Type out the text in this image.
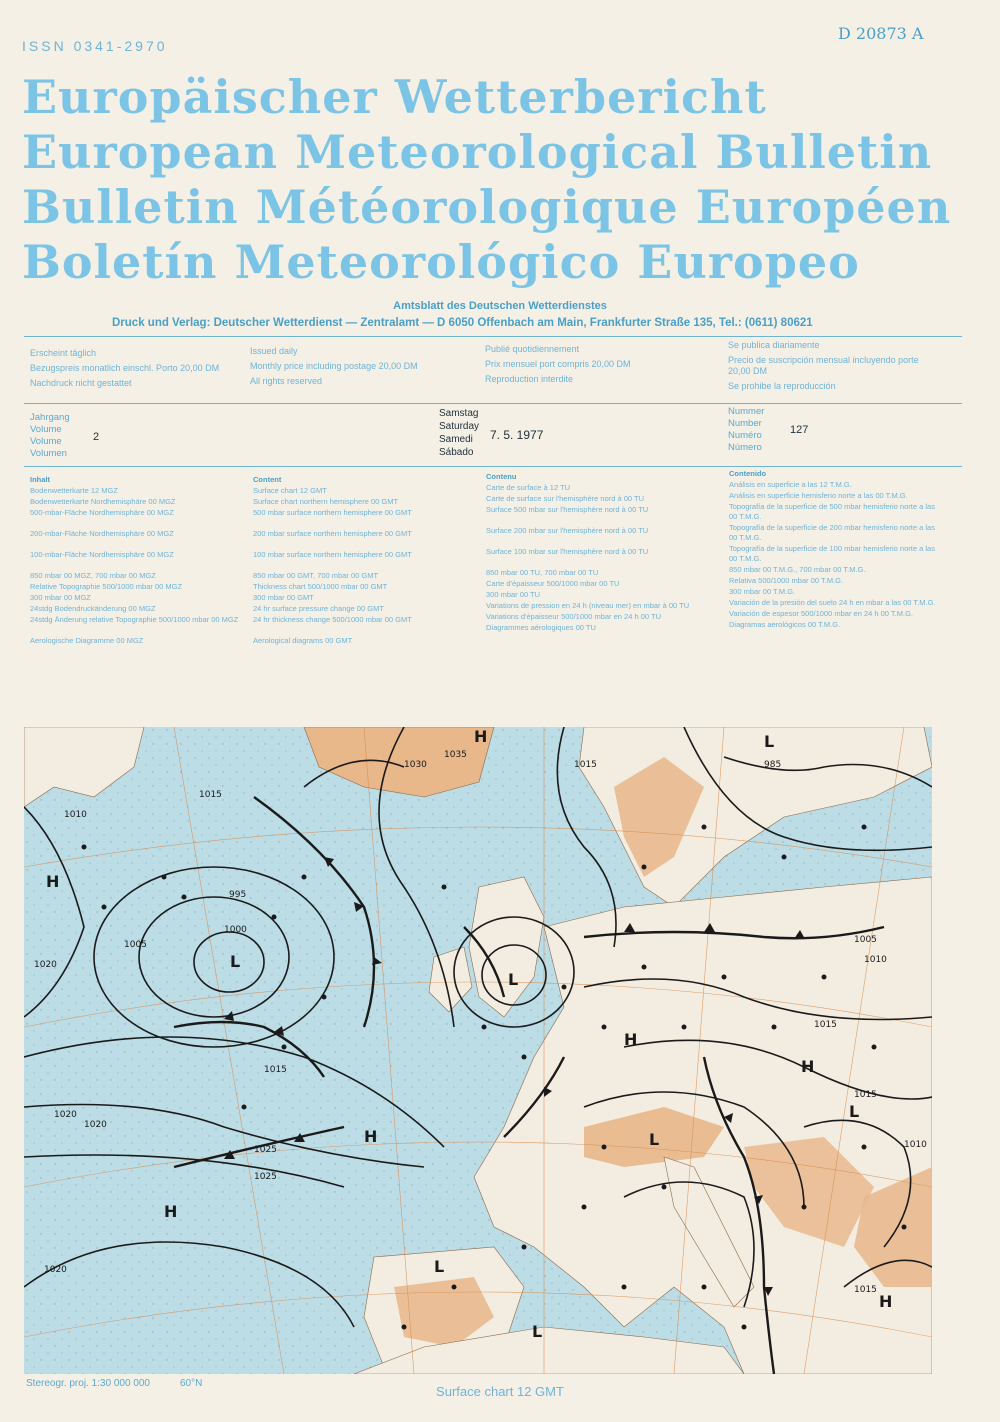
ISSN 0341-2970
D 20873 A
Europäischer Wetterbericht
European Meteorological Bulletin
Bulletin Météorologique Européen
Boletín Meteorológico Europeo
Amtsblatt des Deutschen Wetterdienstes
Druck und Verlag: Deutscher Wetterdienst — Zentralamt — D 6050 Offenbach am Main, Frankfurter Straße 135, Tel.: (0611) 80621

Erscheint täglich

Bezugspreis monatlich einschl. Porto 20,00 DM

Nachdruck nicht gestattet

Issued daily

Monthly price including postage 20,00 DM

All rights reserved

Publié quotidiennement

Prix mensuel port compris 20,00 DM

Reproduction interdite

Se publica diariamente

Precio de suscripción mensual incluyendo porte 20,00 DM

Se prohibe la reproducción

Jahrgang
Volume
Volume
Volumen
2
Samstag
Saturday
Samedi
Sábado
7. 5. 1977
Nummer
Number
Numéro
Número
127
Inhalt
Bodenwetterkarte 12 MGZ
Bodenwetterkarte Nordhemisphäre 00 MGZ
500-mbar-Fläche Nordhemisphäre 00 MGZ
200-mbar-Fläche Nordhemisphäre 00 MGZ
100-mbar-Fläche Nordhemisphäre 00 MGZ
850 mbar 00 MGZ, 700 mbar 00 MGZ
Relative Topographie 500/1000 mbar 00 MGZ
300 mbar 00 MGZ
24stdg Bodendruckänderung 00 MGZ
24stdg Änderung relative Topographie 500/1000 mbar 00 MGZ
Aerologische Diagramme 00 MGZ
Content
Surface chart 12 GMT
Surface chart northern hemisphere 00 GMT
500 mbar surface northern hemisphere 00 GMT
200 mbar surface northern hemisphere 00 GMT
100 mbar surface northern hemisphere 00 GMT
850 mbar 00 GMT, 700 mbar 00 GMT
Thickness chart 500/1000 mbar 00 GMT
300 mbar 00 GMT
24 hr surface pressure change 00 GMT
24 hr thickness change 500/1000 mbar 00 GMT
Aerological diagrams 00 GMT
Contenu
Carte de surface à 12 TU
Carte de surface sur l'hemisphère nord à 00 TU
Surface 500 mbar sur l'hemisphère nord à 00 TU
Surface 200 mbar sur l'hemisphère nord à 00 TU
Surface 100 mbar sur l'hemisphère nord à 00 TU
850 mbar 00 TU, 700 mbar 00 TU
Carte d'épaisseur 500/1000 mbar 00 TU
300 mbar 00 TU
Variations de pression en 24 h (niveau mer) en mbar à 00 TU
Variations d'épaisseur 500/1000 mbar en 24 h 00 TU
Diagrammes aérologiques 00 TU
Contenido
Análisis en superficie a las 12 T.M.G.
Análisis en superficie hemisferio norte a las 00 T.M.G.
Topografía de la superficie de 500 mbar hemisferio norte a las 00 T.M.G.
Topografía de la superficie de 200 mbar hemisferio norte a las 00 T.M.G.
Topografía de la superficie de 100 mbar hemisferio norte a las 00 T.M.G.
850 mbar 00 T.M.G., 700 mbar 00 T.M.G.
Relativa 500/1000 mbar 00 T.M.G.
300 mbar 00 T.M.G.
Variación de la presión del suelo 24 h en mbar a las 00 T.M.G.
Variación de espesor 500/1000 mbar en 24 h 00 T.M.G.
Diagramas aerológicos 00 T.M.G.
H
H
H
H
H
H
H
L
L
L
L
L
L
L
1010
1015
1020
1025
1005
1000
995
985
1030
1035
1015
1020
1005
1015
1010
1015
1010
1020
1015
1020
1025
1015
Stereogr. proj. 1:30 000 000	60°N
Surface chart 12 GMT
